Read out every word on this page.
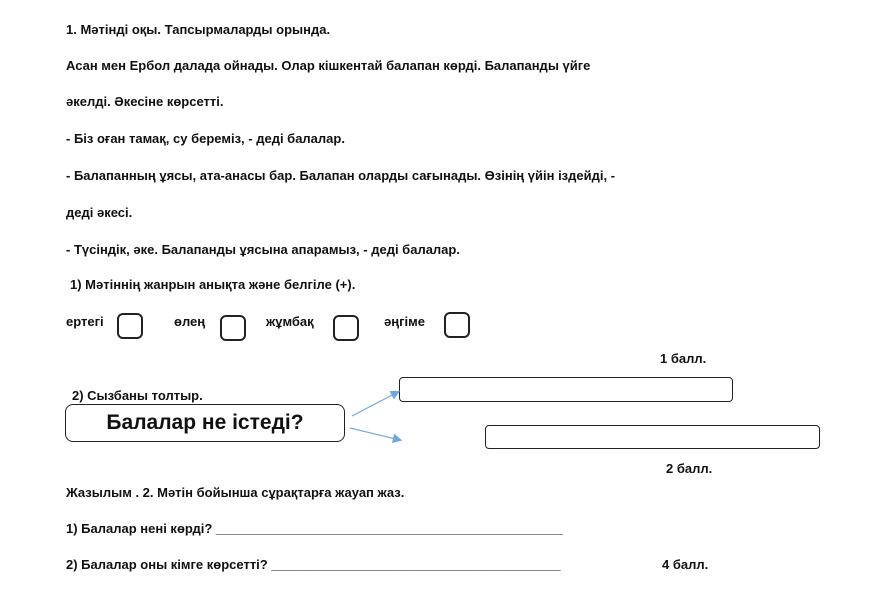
1. Мәтінді оқы. Тапсырмаларды орында.
Асан мен Ербол далада ойнады. Олар кішкентай балапан көрді. Балапанды үйге
әкелді. Әкесіне көрсетті.
- Біз оған тамақ, су береміз, - деді балалар.
- Балапанның ұясы, ата-анасы бар. Балапан оларды сағынады. Өзінің үйін іздейді, -
деді әкесі.
- Түсіндік, әке. Балапанды ұясына апарамыз, - деді балалар.
1) Мәтіннің жанрын анықта және белгіле (+).
ертегі	өлең	жұмбақ	әңгіме
1 балл.
2) Сызбаны толтыр.
Балалар не істеді?
2 балл.
Жазылым . 2. Мәтін бойынша сұрақтарға жауап жаз.
1) Балалар нені көрді? ________________________________________________
2) Балалар оны кімге көрсетті? ________________________________________	4 балл.
